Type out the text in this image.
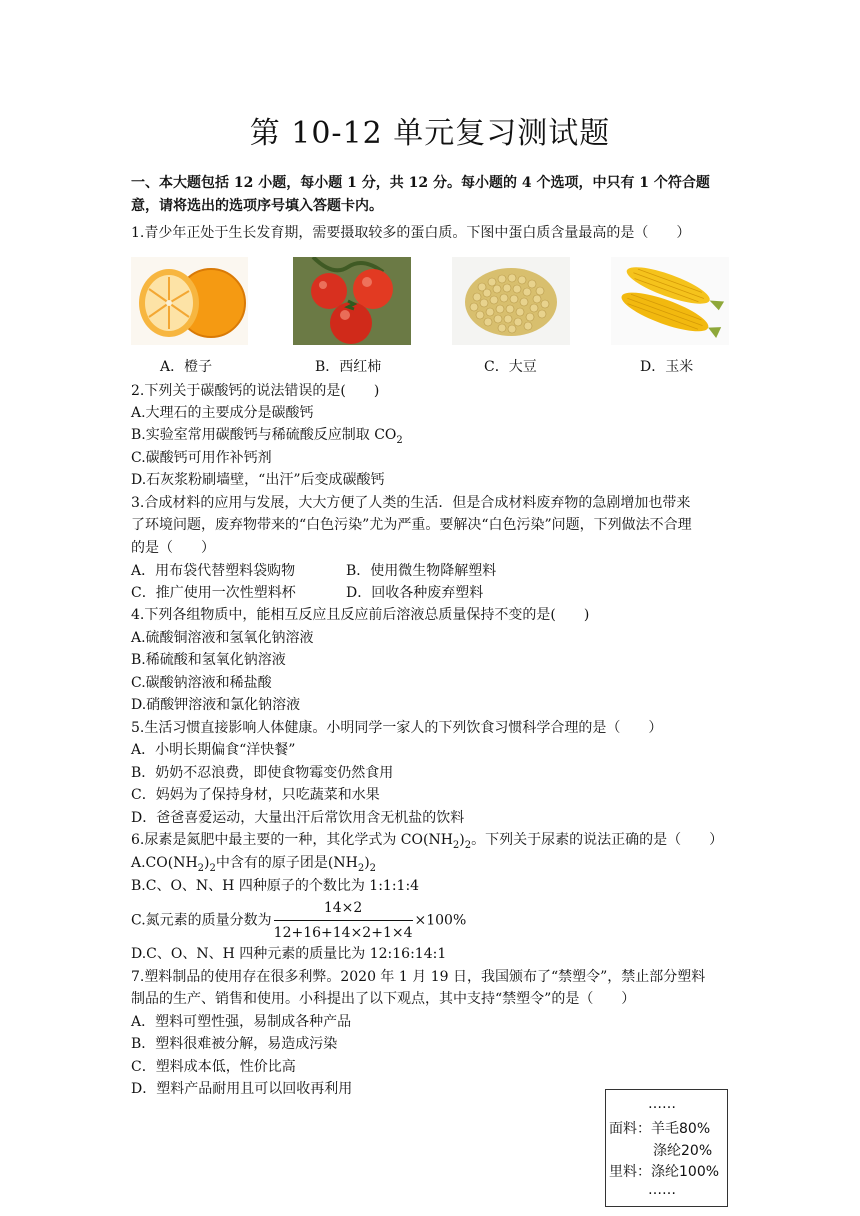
第 10-12 单元复习测试题
一、本大题包括 12 小题，每小题 1 分，共 12 分。每小题的 4 个选项，中只有 1 个符合题
意，请将选出的选项序号填入答题卡内。
1.青少年正处于生长发育期，需要摄取较多的蛋白质。下图中蛋白质含量最高的是（　　）
A．橙子	B．西红柿	C．大豆	D．玉米
2.下列关于碳酸钙的说法错误的是(　　)
A.大理石的主要成分是碳酸钙
B.实验室常用碳酸钙与稀硫酸反应制取 $CO_2$
C.碳酸钙可用作补钙剂
D.石灰浆粉刷墙壁，“出汗”后变成碳酸钙
3.合成材料的应用与发展，大大方便了人类的生活．但是合成材料废弃物的急剧增加也带来
了环境问题，废弃物带来的“白色污染”尤为严重。要解决“白色污染”问题，下列做法不合理
的是（　　）
A．用布袋代替塑料袋购物	B．使用微生物降解塑料
C．推广使用一次性塑料杯	D．回收各种废弃塑料
4.下列各组物质中，能相互反应且反应前后溶液总质量保持不变的是(　　)
A.硫酸铜溶液和氢氧化钠溶液
B.稀硫酸和氢氧化钠溶液
C.碳酸钠溶液和稀盐酸
D.硝酸钾溶液和氯化钠溶液
5.生活习惯直接影响人体健康。小明同学一家人的下列饮食习惯科学合理的是（　　）
A．小明长期偏食“洋快餐”
B．奶奶不忍浪费，即使食物霉变仍然食用
C．妈妈为了保持身材，只吃蔬菜和水果
D．爸爸喜爱运动，大量出汗后常饮用含无机盐的饮料
6.尿素是氮肥中最主要的一种，其化学式为 $CO(NH_2)_2$。下列关于尿素的说法正确的是（　　）
$A.CO(NH_2)_2$中含有的原子团是$(NH_2)_2$
B.C、O、N、H 四种原子的个数比为 1:1:1:4
C.氮元素的质量分数为 $\frac{14\times 2}{12+16+14\times 2+1\times 4} \times 100\%$
D.C、O、N、H 四种元素的质量比为 12:16:14:1
7.塑料制品的使用存在很多利弊。2020 年 1 月 19 日，我国颁布了“禁塑令”，禁止部分塑料
制品的生产、销售和使用。小科提出了以下观点，其中支持“禁塑令”的是（　　）
A．塑料可塑性强，易制成各种产品
B．塑料很难被分解，易造成污染
C．塑料成本低，性价比高
D．塑料产品耐用且可以回收再利用
……
面料：羊毛80%
涤纶20%
里料：涤纶100%
……
